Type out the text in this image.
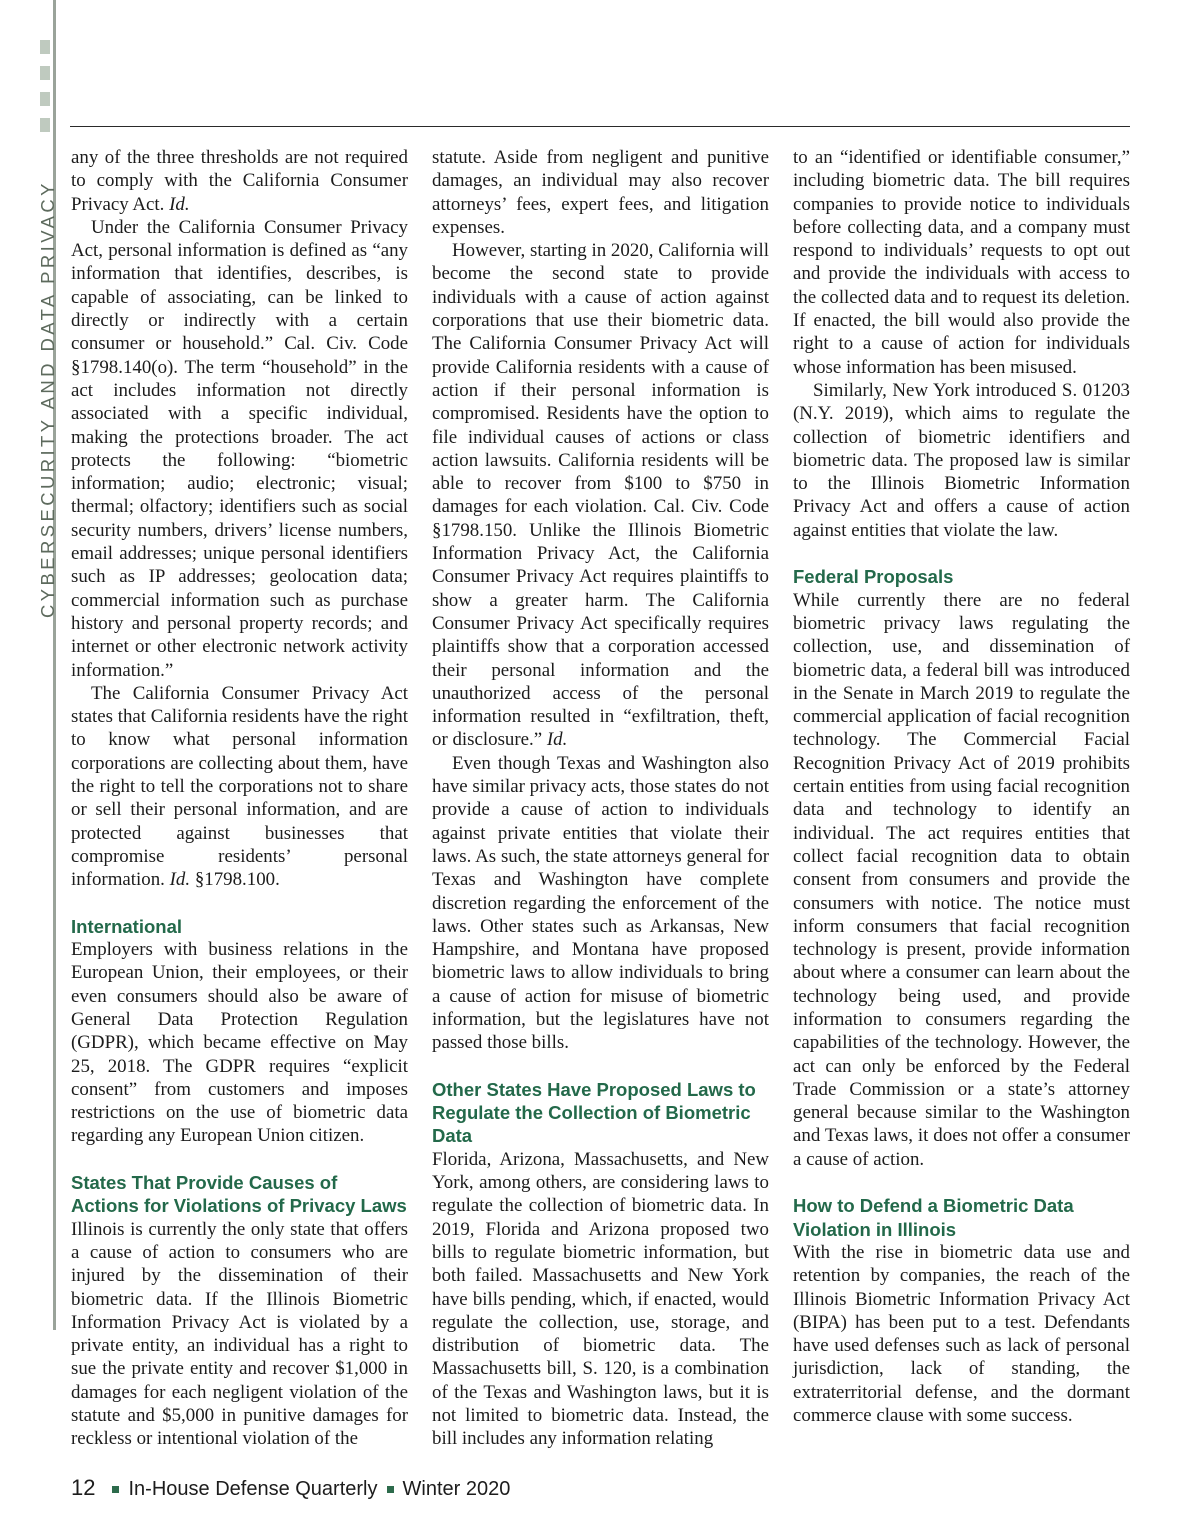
CYBERSECURITY AND DATA PRIVACY

any of the three thresholds are not required to comply with the California Consumer Privacy Act. Id.

Under the California Consumer Privacy Act, personal information is defined as “any information that identifies, describes, is capable of associating, can be linked to directly or indirectly with a certain consumer or household.” Cal. Civ. Code §1798.140(o). The term “household” in the act includes information not directly associated with a specific individual, making the protections broader. The act protects the following: “biometric information; audio; electronic; visual; thermal; olfactory; identifiers such as social security numbers, drivers’ license numbers, email addresses; unique personal identifiers such as IP addresses; geolocation data; commercial information such as purchase history and personal property records; and internet or other electronic network activity information.”

The California Consumer Privacy Act states that California residents have the right to know what personal information corporations are collecting about them, have the right to tell the corporations not to share or sell their personal information, and are protected against businesses that compromise residents’ personal information. Id. §1798.100.

International

Employers with business relations in the European Union, their employees, or their even consumers should also be aware of General Data Protection Regulation (GDPR), which became effective on May 25, 2018. The GDPR requires “explicit consent” from customers and imposes restrictions on the use of biometric data regarding any European Union citizen.

States That Provide Causes of Actions for Violations of Privacy Laws

Illinois is currently the only state that offers a cause of action to consumers who are injured by the dissemination of their biometric data. If the Illinois Biometric Information Privacy Act is violated by a private entity, an individual has a right to sue the private entity and recover $1,000 in damages for each negligent violation of the statute and $5,000 in punitive damages for reckless or intentional violation of the

statute. Aside from negligent and punitive damages, an individual may also recover attorneys’ fees, expert fees, and litigation expenses.

However, starting in 2020, California will become the second state to provide individuals with a cause of action against corporations that use their biometric data. The California Consumer Privacy Act will provide California residents with a cause of action if their personal information is compromised. Residents have the option to file individual causes of actions or class action lawsuits. California residents will be able to recover from $100 to $750 in damages for each violation. Cal. Civ. Code §1798.150. Unlike the Illinois Biometric Information Privacy Act, the California Consumer Privacy Act requires plaintiffs to show a greater harm. The California Consumer Privacy Act specifically requires plaintiffs show that a corporation accessed their personal information and the unauthorized access of the personal information resulted in “exfiltration, theft, or disclosure.” Id.

Even though Texas and Washington also have similar privacy acts, those states do not provide a cause of action to individuals against private entities that violate their laws. As such, the state attorneys general for Texas and Washington have complete discretion regarding the enforcement of the laws. Other states such as Arkansas, New Hampshire, and Montana have proposed biometric laws to allow individuals to bring a cause of action for misuse of biometric information, but the legislatures have not passed those bills.

Other States Have Proposed Laws to Regulate the Collection of Biometric Data

Florida, Arizona, Massachusetts, and New York, among others, are considering laws to regulate the collection of biometric data. In 2019, Florida and Arizona proposed two bills to regulate biometric information, but both failed. Massachusetts and New York have bills pending, which, if enacted, would regulate the collection, use, storage, and distribution of biometric data. The Massachusetts bill, S. 120, is a combination of the Texas and Washington laws, but it is not limited to biometric data. Instead, the bill includes any information relating

to an “identified or identifiable consumer,” including biometric data. The bill requires companies to provide notice to individuals before collecting data, and a company must respond to individuals’ requests to opt out and provide the individuals with access to the collected data and to request its deletion. If enacted, the bill would also provide the right to a cause of action for individuals whose information has been misused.

Similarly, New York introduced S. 01203 (N.Y. 2019), which aims to regulate the collection of biometric identifiers and biometric data. The proposed law is similar to the Illinois Biometric Information Privacy Act and offers a cause of action against entities that violate the law.

Federal Proposals

While currently there are no federal biometric privacy laws regulating the collection, use, and dissemination of biometric data, a federal bill was introduced in the Senate in March 2019 to regulate the commercial application of facial recognition technology. The Commercial Facial Recognition Privacy Act of 2019 prohibits certain entities from using facial recognition data and technology to identify an individual. The act requires entities that collect facial recognition data to obtain consent from consumers and provide the consumers with notice. The notice must inform consumers that facial recognition technology is present, provide information about where a consumer can learn about the technology being used, and provide information to consumers regarding the capabilities of the technology. However, the act can only be enforced by the Federal Trade Commission or a state’s attorney general because similar to the Washington and Texas laws, it does not offer a consumer a cause of action.

How to Defend a Biometric Data Violation in Illinois

With the rise in biometric data use and retention by companies, the reach of the Illinois Biometric Information Privacy Act (BIPA) has been put to a test. Defendants have used defenses such as lack of personal jurisdiction, lack of standing, the extraterritorial defense, and the dormant commerce clause with some success.

12 In-House Defense Quarterly Winter 2020
